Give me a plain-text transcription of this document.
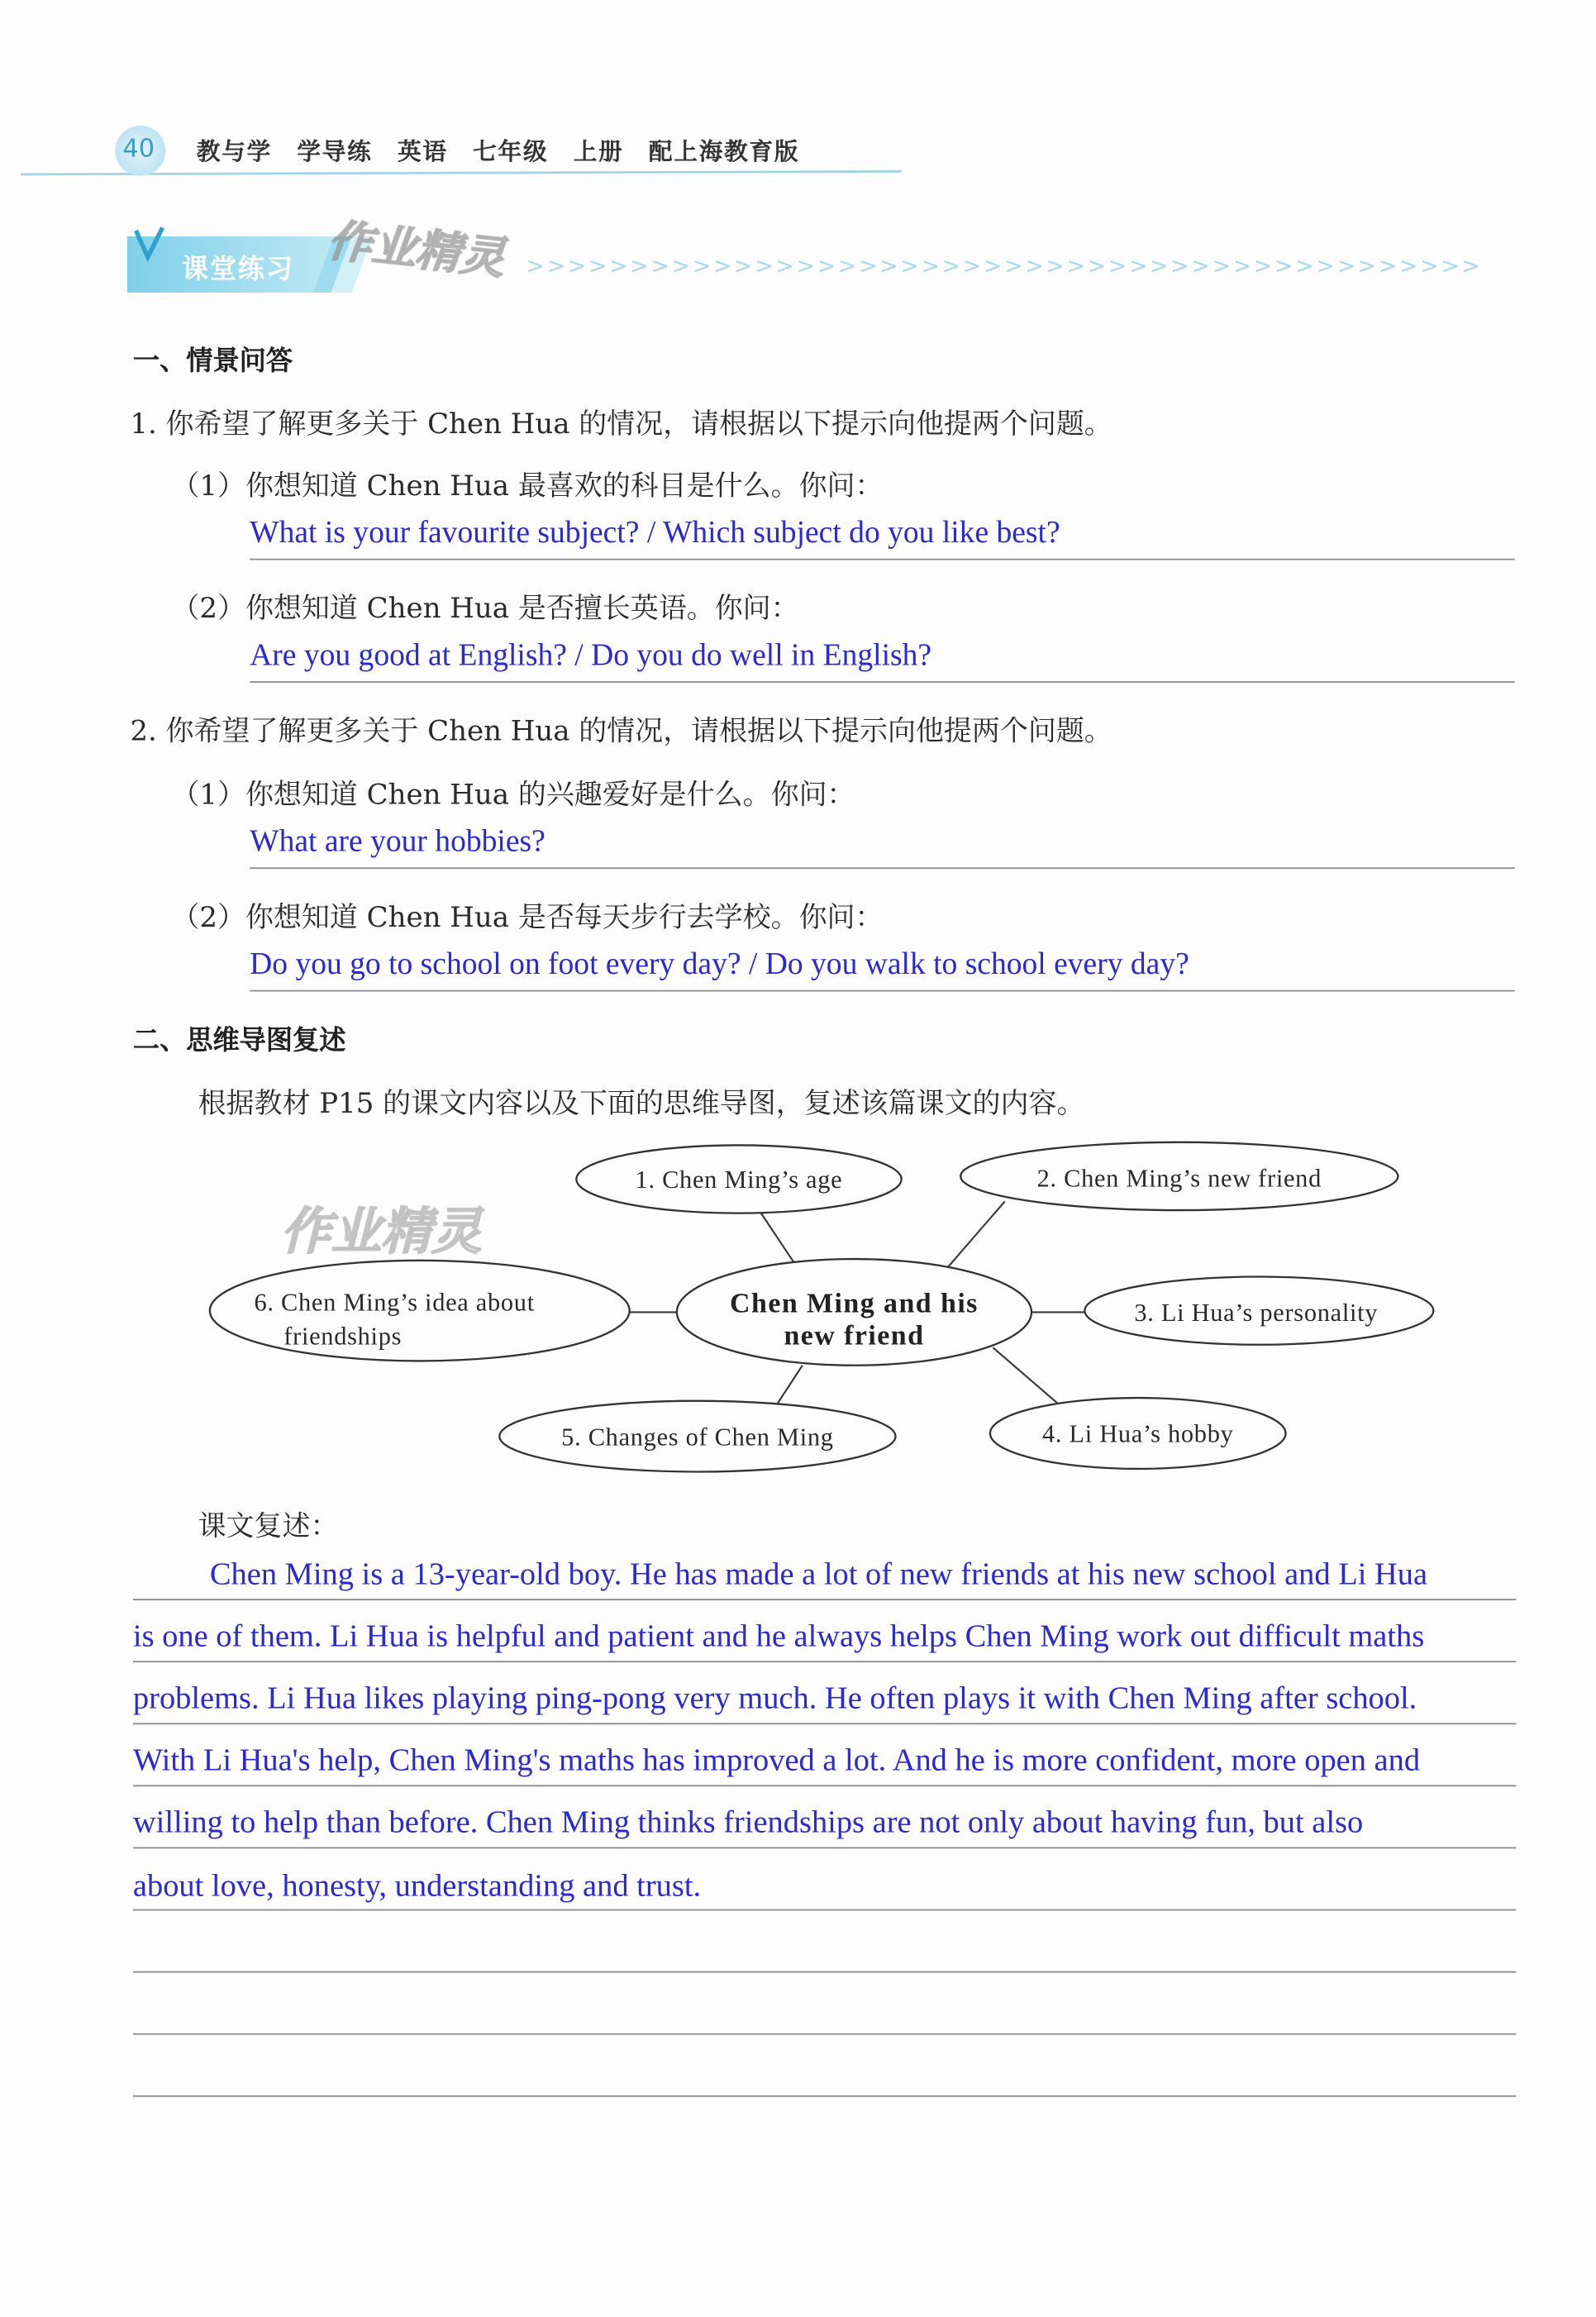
40	教与学　学导练　英语　七年级　上册　配上海教育版
课堂练习 作业精灵 >>>>>>>>>>>>>>>>>>>>>>>>>>>>>>>>>>>>>>>>>>>>>>
一、情景问答
1. 你希望了解更多关于 Chen Hua 的情况，请根据以下提示向他提两个问题。
（1）你想知道 Chen Hua 最喜欢的科目是什么。你问：
What is your favourite subject? / Which subject do you like best?
（2）你想知道 Chen Hua 是否擅长英语。你问：
Are you good at English? / Do you do well in English?
2. 你希望了解更多关于 Chen Hua 的情况，请根据以下提示向他提两个问题。
（1）你想知道 Chen Hua 的兴趣爱好是什么。你问：
What are your hobbies?
（2）你想知道 Chen Hua 是否每天步行去学校。你问：
Do you go to school on foot every day? / Do you walk to school every day?
二、思维导图复述
根据教材 P15 的课文内容以及下面的思维导图，复述该篇课文的内容。
作业精灵
1. Chen Ming’s age	2. Chen Ming’s new friend
6. Chen Ming’s idea about
friendships
Chen Ming and his
new friend
3. Li Hua’s personality
5. Changes of Chen Ming	4. Li Hua’s hobby
课文复述：
Chen Ming is a 13-year-old boy. He has made a lot of new friends at his new school and Li Hua
is one of them. Li Hua is helpful and patient and he always helps Chen Ming work out difficult maths
problems. Li Hua likes playing ping-pong very much. He often plays it with Chen Ming after school.
With Li Hua's help, Chen Ming's maths has improved a lot. And he is more confident, more open and
willing to help than before. Chen Ming thinks friendships are not only about having fun, but also
about love, honesty, understanding and trust.
